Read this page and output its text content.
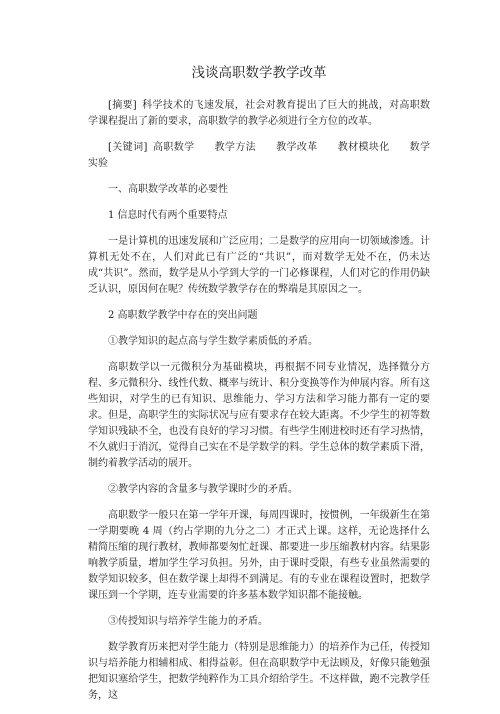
浅谈高职数学教学改革

[摘要] 科学技术的飞速发展，社会对教育提出了巨大的挑战，对高职数学课程提出了新的要求，高职数学的教学必须进行全方位的改革。

[关键词] 高职数学 教学方法 教学改革 教材模块化 数学实验

一、高职数学改革的必要性

1 信息时代有两个重要特点

一是计算机的迅速发展和广泛应用；二是数学的应用向一切领域渗透。计算机无处不在，人们对此已有广泛的“共识”，而对数学无处不在，仍未达成“共识”。然而，数学是从小学到大学的一门必修课程，人们对它的作用仍缺乏认识，原因何在呢？传统数学教学存在的弊端是其原因之一。

2 高职数学教学中存在的突出问题

①教学知识的起点高与学生数学素质低的矛盾。

高职数学以一元微积分为基础模块，再根据不同专业情况，选择微分方程、多元微积分、线性代数、概率与统计、积分变换等作为伸展内容。所有这些知识，对学生的已有知识、思维能力、学习方法和学习能力都有一定的要求。但是，高职学生的实际状况与应有要求存在较大距离。不少学生的初等数学知识残缺不全，也没有良好的学习习惯。有些学生刚进校时还有学习热情，不久就归于消沉，觉得自己实在不是学数学的料。学生总体的数学素质下滑，制约着教学活动的展开。

②教学内容的含量多与教学课时少的矛盾。

高职数学一般只在第一学年开课，每周四课时，按惯例，一年级新生在第一学期要晚 4 周（约占学期的九分之二）才正式上课。这样，无论选择什么精简压缩的现行教材，教师都要匆忙赶课、都要进一步压缩教材内容。结果影响教学质量，增加学生学习负担。另外，由于课时受限，有些专业虽然需要的数学知识较多，但在数学课上却得不到满足。有的专业在课程设置时，把数学课压到一个学期，连专业需要的许多基本数学知识都不能接触。

③传授知识与培养学生能力的矛盾。

数学教育历来把对学生能力（特别是思维能力）的培养作为己任，传授知识与培养能力相辅相成、相得益彰。但在高职数学中无法顾及，好像只能勉强把知识塞给学生，把数学纯粹作为工具介绍给学生。不这样做，跑不完教学任务，这
